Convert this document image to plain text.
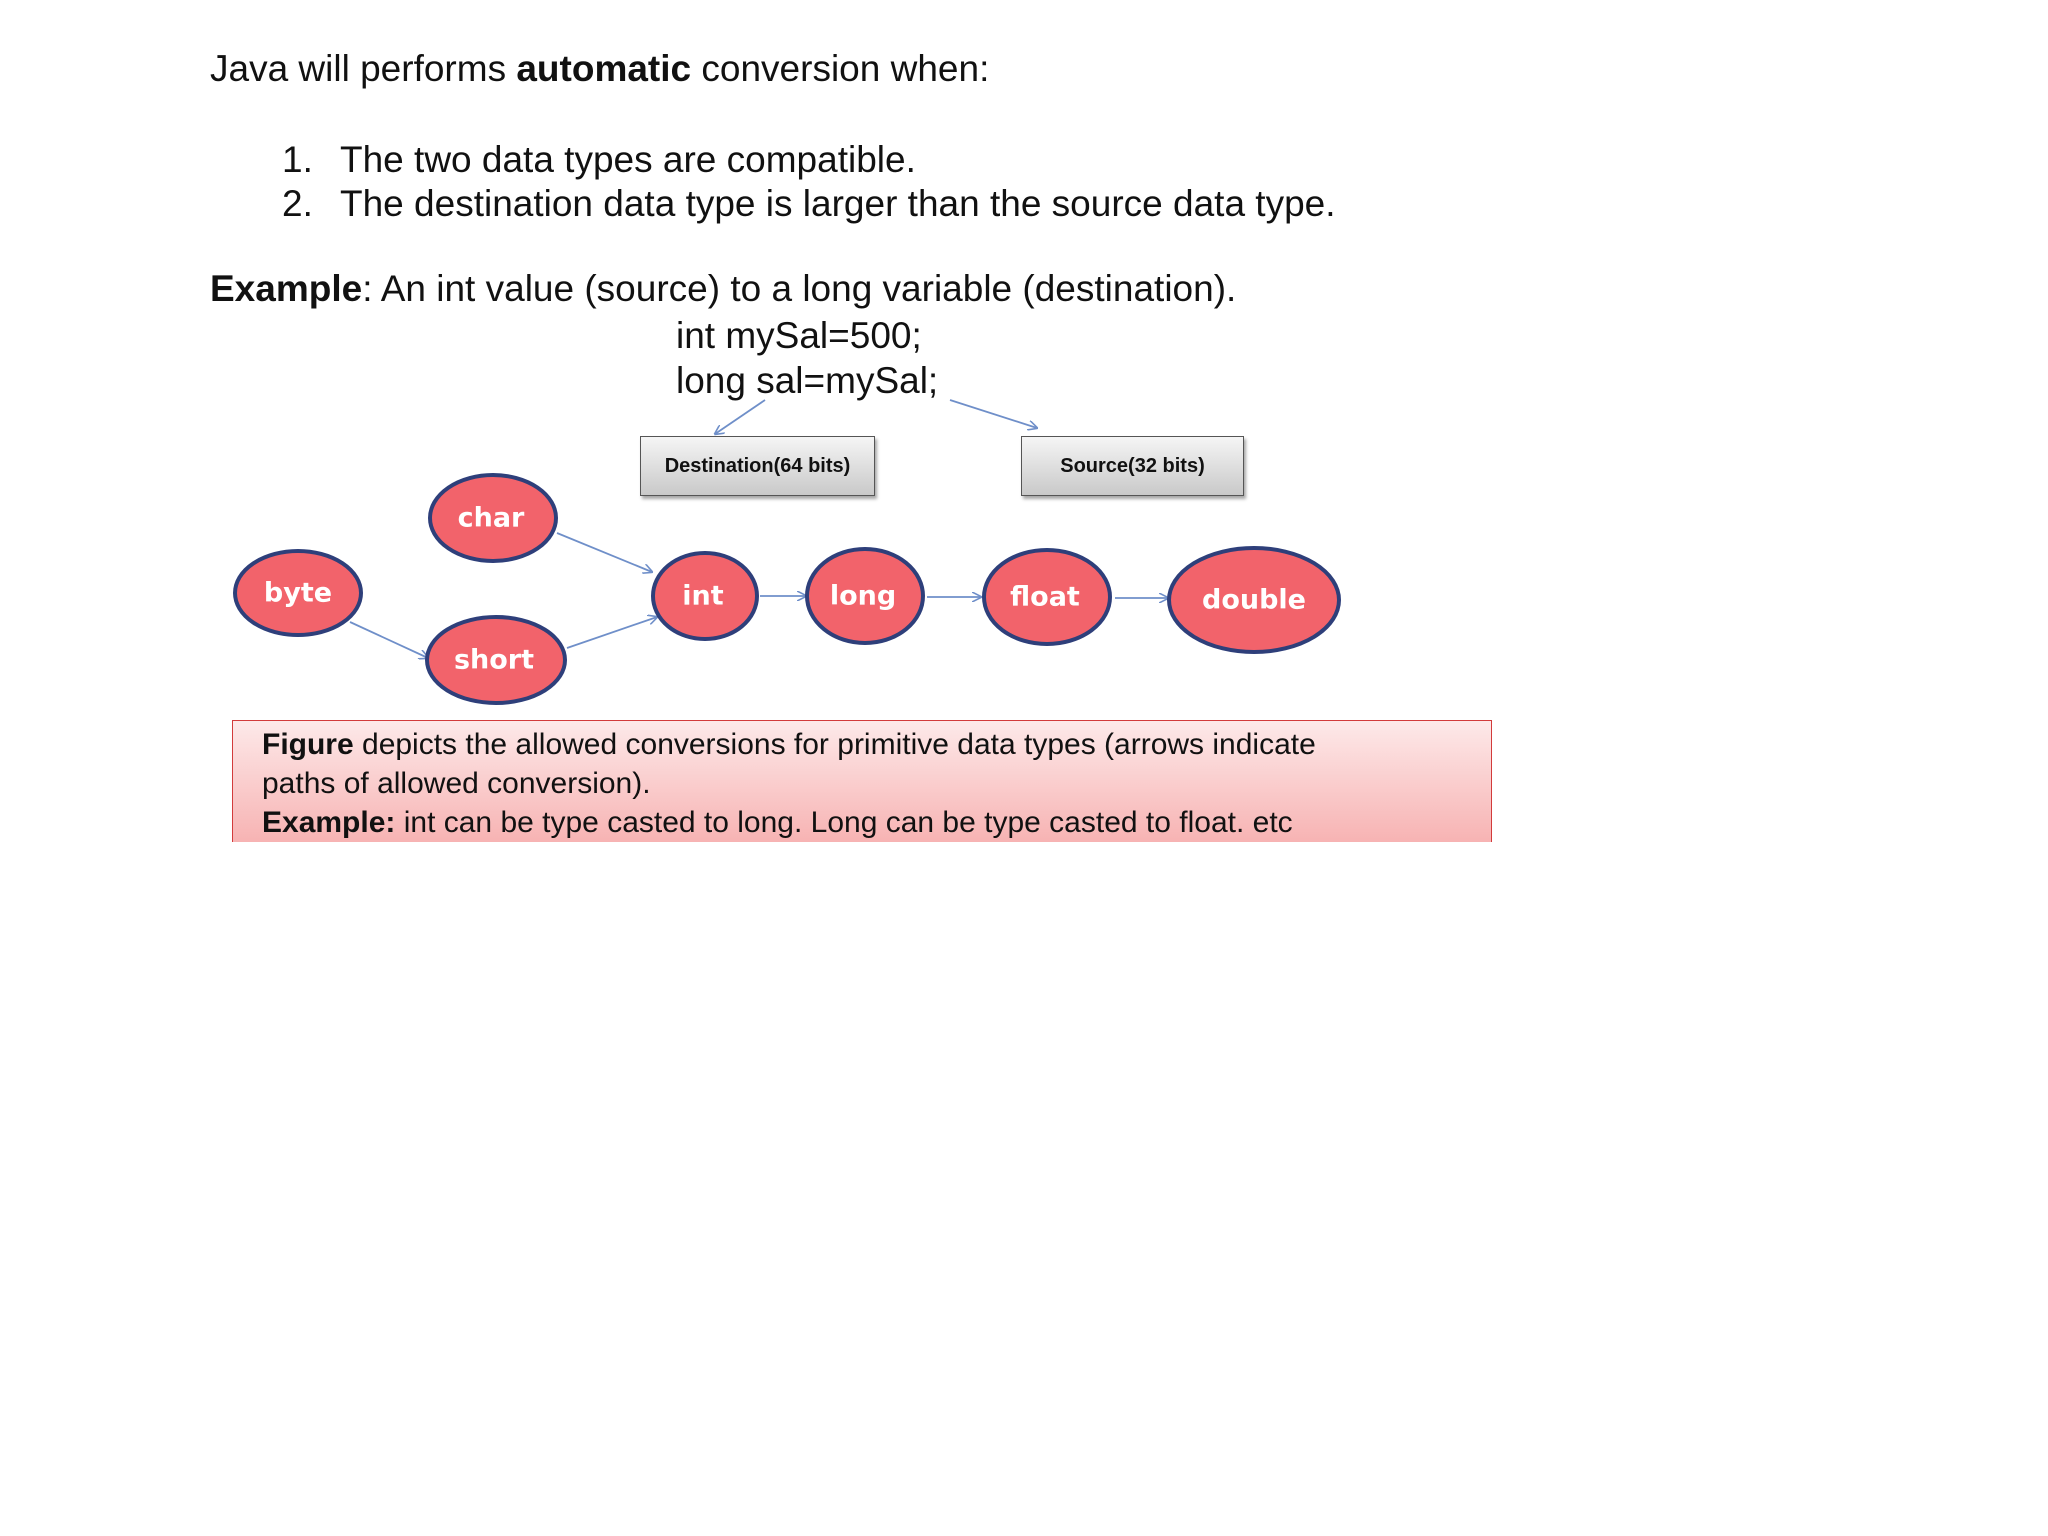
Java will performs automatic conversion when:
1. The two data types are compatible.
2. The destination data type is larger than the source data type.
Example: An int value (source) to a long variable (destination).
int mySal=500;
long sal=mySal;
Destination(64 bits)	Source(32 bits)
byte
char
short
int	long	float	double
Figure depicts the allowed conversions for primitive data types (arrows indicate
paths of allowed conversion).
Example: int can be type casted to long. Long can be type casted to float. etc
